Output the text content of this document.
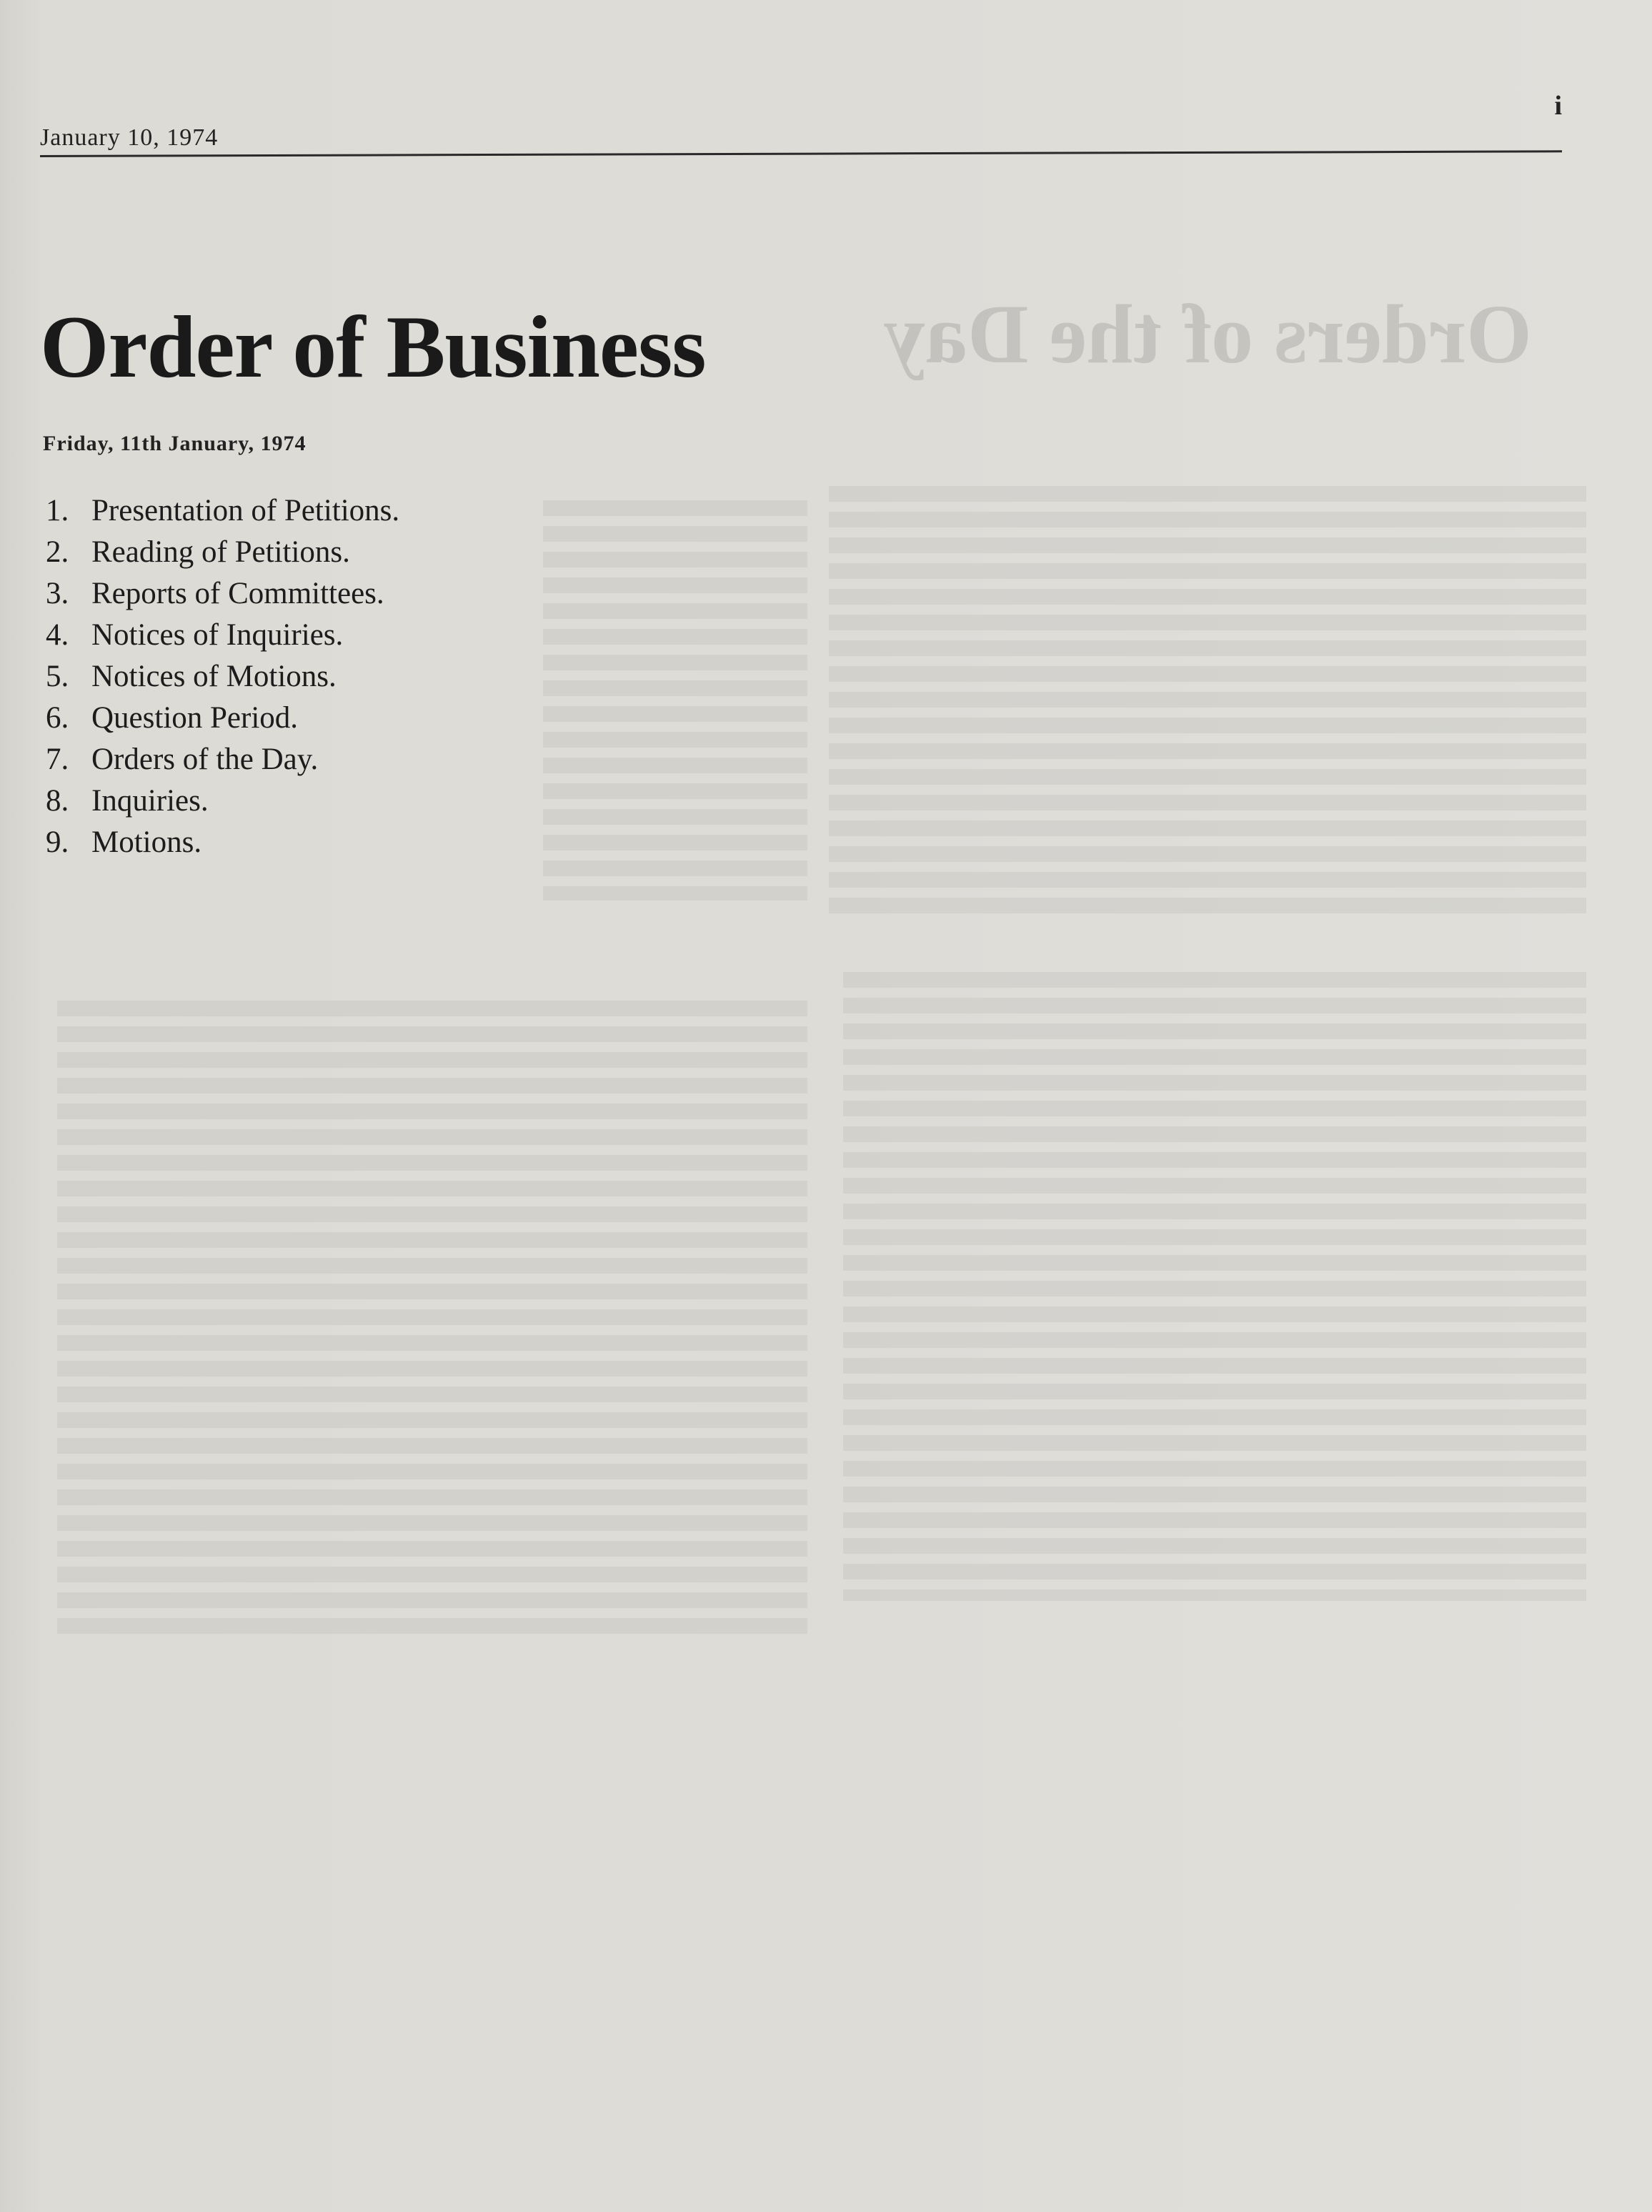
Orders of the Day
January 10, 1974
i
Order of Business
Friday, 11th January, 1974
1. Presentation of Petitions.
2. Reading of Petitions.
3. Reports of Committees.
4. Notices of Inquiries.
5. Notices of Motions.
6. Question Period.
7. Orders of the Day.
8. Inquiries.
9. Motions.
